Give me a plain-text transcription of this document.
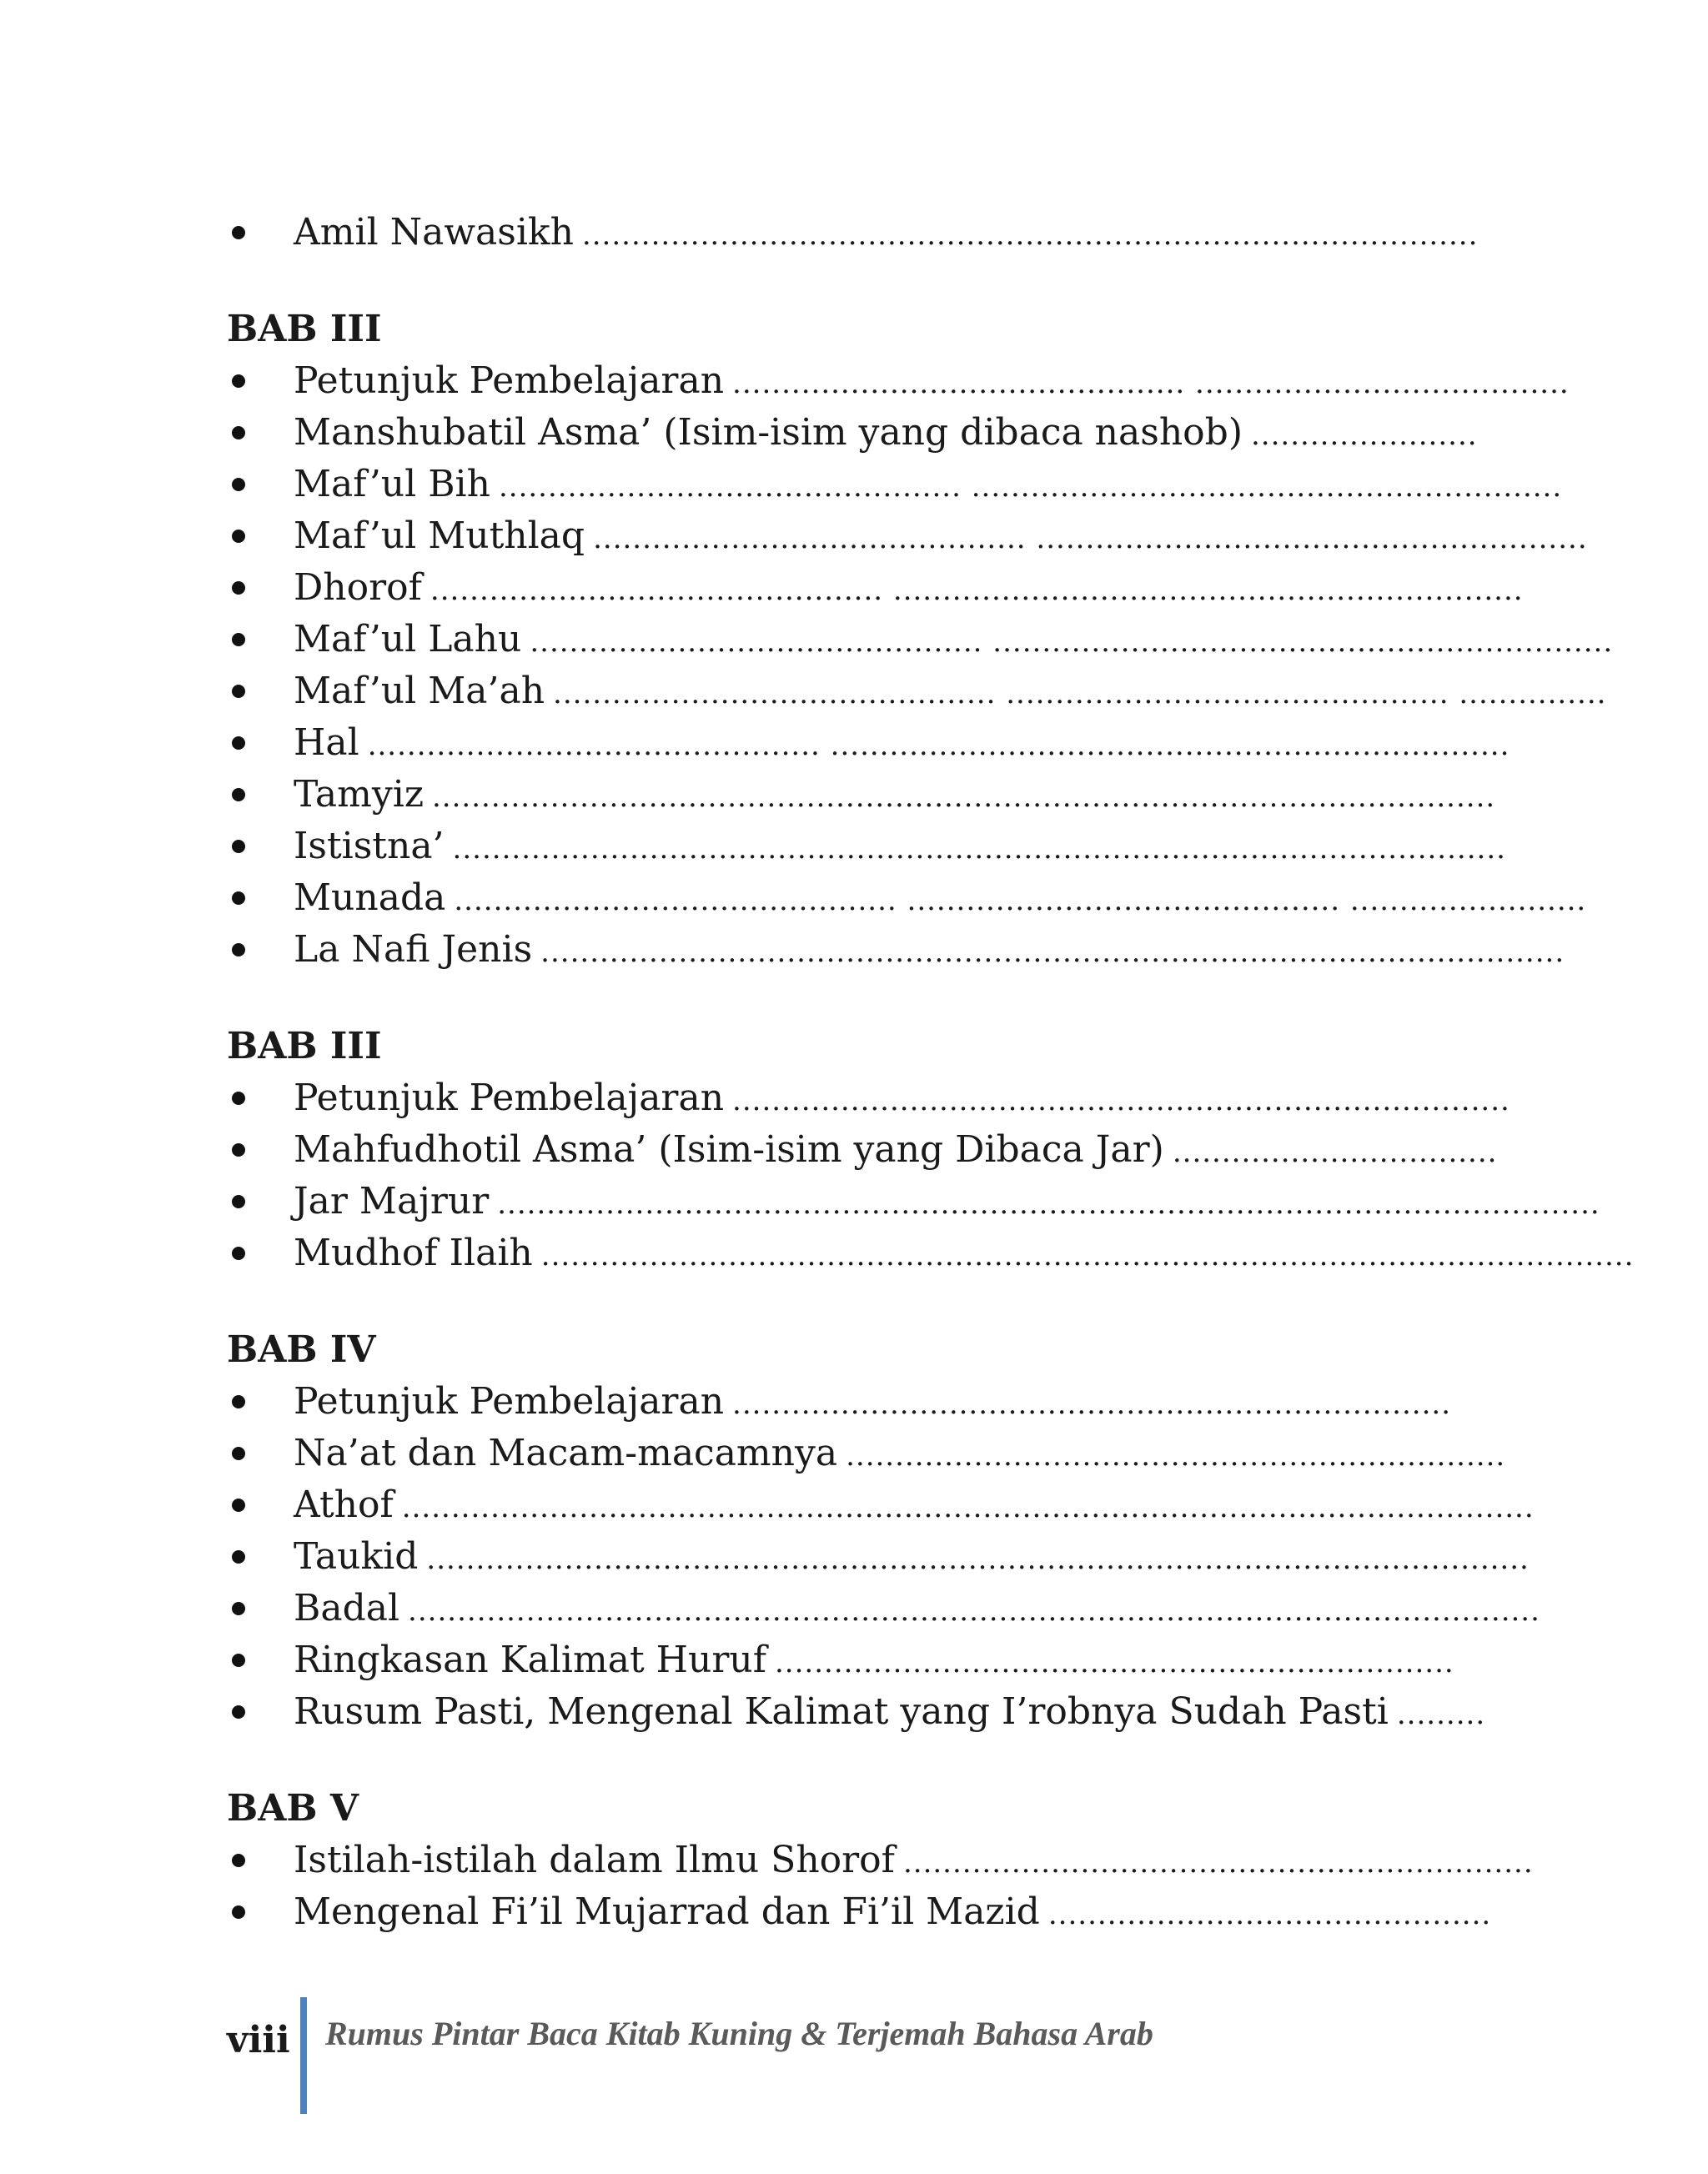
Amil Nawasikh ...........................................................................................
BAB III
Petunjuk Pembelajaran .............................................. ......................................
Manshubatil Asma’ (Isim-isim yang dibaca nashob) .......................
Maf’ul Bih ............................................... ............................................................
Maf’ul Muthlaq ............................................ ........................................................
Dhorof .............................................. ................................................................
Maf’ul Lahu .............................................. ...............................................................
Maf’ul Ma’ah ............................................. ............................................. ...............
Hal .............................................. .....................................................................
Tamyiz ............................................................................................................
Ististna’ ...........................................................................................................
Munada ............................................. ............................................ ........................
La Nafi Jenis ........................................................................................................
BAB III
Petunjuk Pembelajaran ...............................................................................
Mahfudhotil Asma’ (Isim-isim yang Dibaca Jar) .................................
Jar Majrur ................................................................................................................
Mudhof Ilaih ...............................................................................................................
BAB IV
Petunjuk Pembelajaran .........................................................................
Na’at dan Macam-macamnya ...................................................................
Athof ...................................................................................................................
Taukid ................................................................................................................
Badal ...................................................................................................................
Ringkasan Kalimat Huruf .....................................................................
Rusum Pasti, Mengenal Kalimat yang I’robnya Sudah Pasti .........
BAB V
Istilah-istilah dalam Ilmu Shorof ................................................................
Mengenal Fi’il Mujarrad dan Fi’il Mazid .............................................
viii Rumus Pintar Baca Kitab Kuning & Terjemah Bahasa Arab
